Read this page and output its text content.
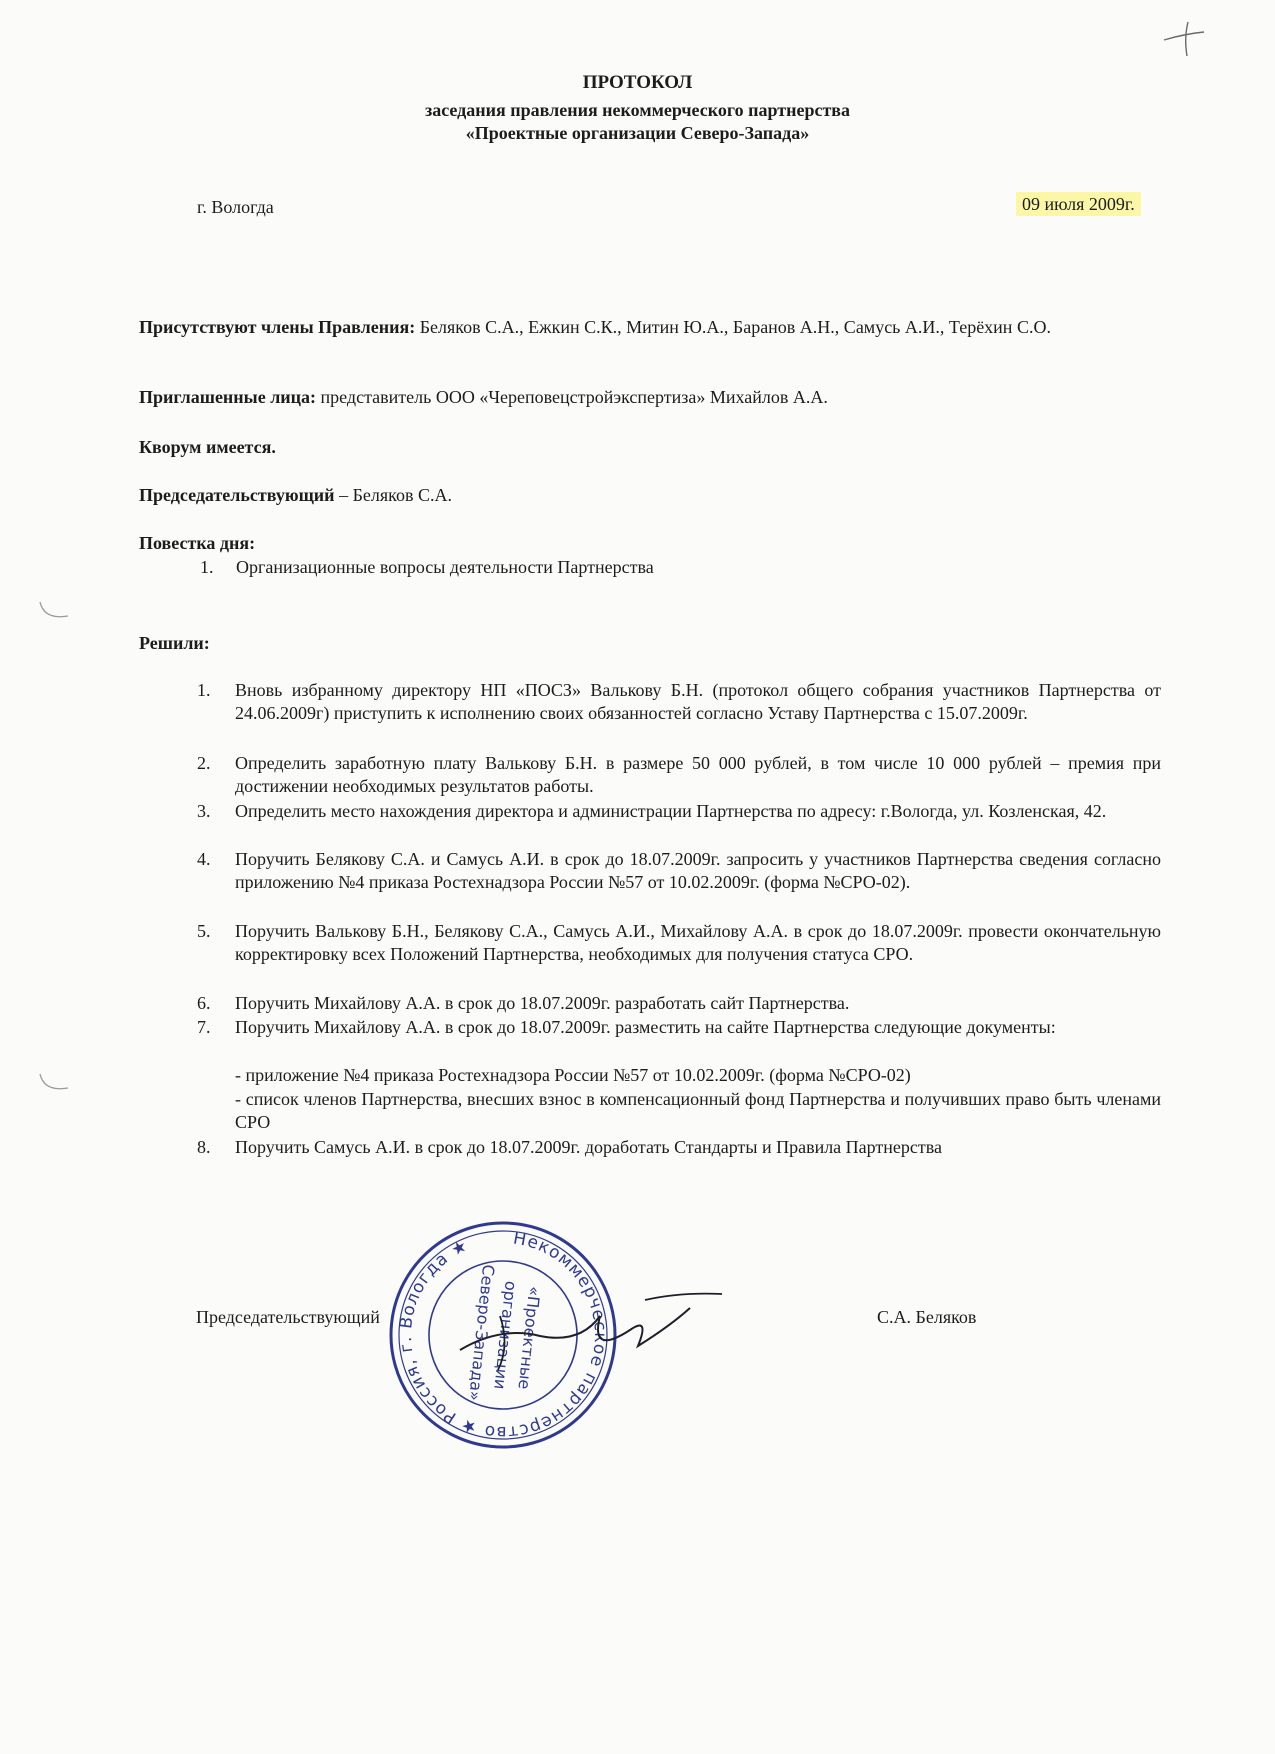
ПРОТОКОЛ
заседания правления некоммерческого партнерства
«Проектные организации Северо-Запада»
г. Вологда	09 июля 2009г.
Присутствуют члены Правления: Беляков С.А., Ежкин С.К., Митин Ю.А., Баранов А.Н., Самусь А.И., Терёхин С.О.
Приглашенные лица: представитель ООО «Череповецстройэкспертиза» Михайлов А.А.
Кворум имеется.
Председательствующий – Беляков С.А.
Повестка дня:
1. Организационные вопросы деятельности Партнерства
Решили:
1.	Вновь избранному директору НП «ПОСЗ» Валькову Б.Н. (протокол общего собрания участников Партнерства от 24.06.2009г) приступить к исполнению своих обязанностей согласно Уставу Партнерства с 15.07.2009г.
2.	Определить заработную плату Валькову Б.Н. в размере 50 000 рублей, в том числе 10 000 рублей – премия при достижении необходимых результатов работы.
3.	Определить место нахождения директора и администрации Партнерства по адресу: г.Вологда, ул. Козленская, 42.
4.	Поручить Белякову С.А. и Самусь А.И. в срок до 18.07.2009г. запросить у участников Партнерства сведения согласно приложению №4 приказа Ростехнадзора России №57 от 10.02.2009г. (форма №СРО-02).
5.	Поручить Валькову Б.Н., Белякову С.А., Самусь А.И., Михайлову А.А. в срок до 18.07.2009г. провести окончательную корректировку всех Положений Партнерства, необходимых для получения статуса СРО.
6.	Поручить Михайлову А.А. в срок до 18.07.2009г. разработать сайт Партнерства.
7.	Поручить Михайлову А.А. в срок до 18.07.2009г. разместить на сайте Партнерства следующие документы:
- приложение №4 приказа Ростехнадзора России №57 от 10.02.2009г. (форма №СРО-02)
- список членов Партнерства, внесших взнос в компенсационный фонд Партнерства и получивших право быть членами СРО
8.	Поручить Самусь А.И. в срок до 18.07.2009г. доработать Стандарты и Правила Партнерства
Председательствующий	С.А. Беляков
Некоммерческое партнерство ★ Россия, г. Вологда ★
«Проектные
организации
Северо-Запада»
